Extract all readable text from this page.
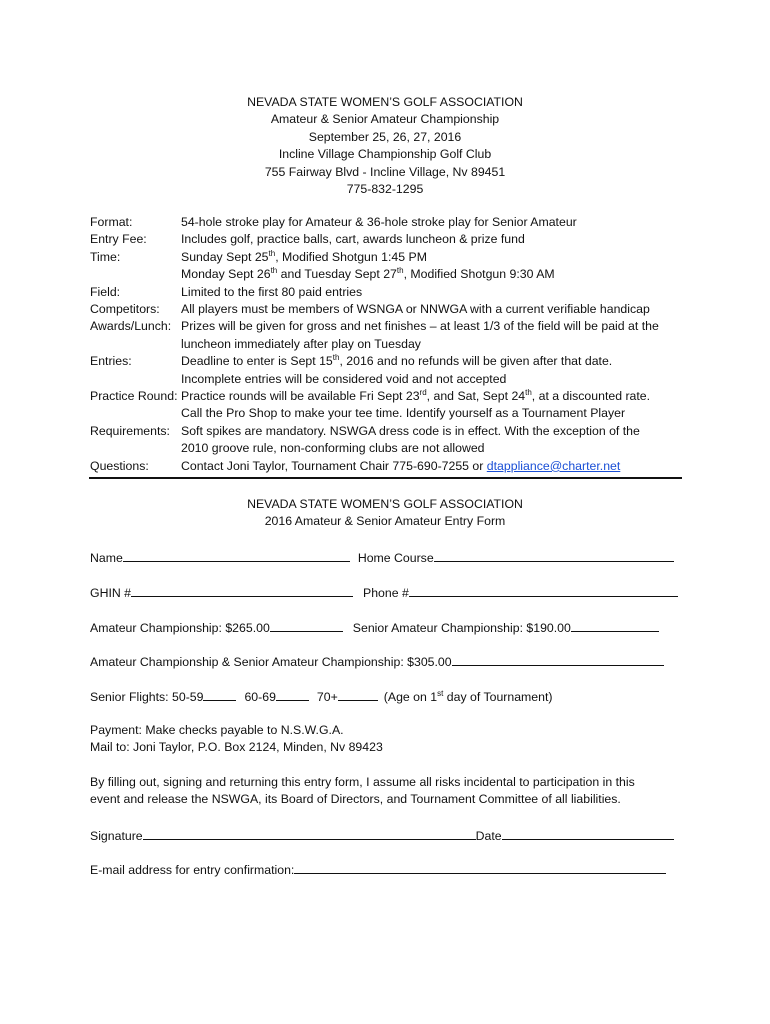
NEVADA STATE WOMEN’S GOLF ASSOCIATION
Amateur & Senior Amateur Championship
September 25, 26, 27, 2016
Incline Village Championship Golf Club
755 Fairway Blvd - Incline Village, Nv 89451
775-832-1295
Format:	54-hole stroke play for Amateur & 36-hole stroke play for Senior Amateur
Entry Fee:	Includes golf, practice balls, cart, awards luncheon & prize fund
Time:	Sunday Sept 25th, Modified Shotgun 1:45 PM
Monday Sept 26th and Tuesday Sept 27th, Modified Shotgun 9:30 AM
Field:	Limited to the first 80 paid entries
Competitors:	All players must be members of WSNGA or NNWGA with a current verifiable handicap
Awards/Lunch: Prizes will be given for gross and net finishes – at least 1/3 of the field will be paid at the
luncheon immediately after play on Tuesday
Entries:	Deadline to enter is Sept 15th, 2016 and no refunds will be given after that date.
Incomplete entries will be considered void and not accepted
Practice Round: Practice rounds will be available Fri Sept 23rd, and Sat, Sept 24th, at a discounted rate.
Call the Pro Shop to make your tee time. Identify yourself as a Tournament Player
Requirements: Soft spikes are mandatory. NSWGA dress code is in effect. With the exception of the
2010 groove rule, non-conforming clubs are not allowed
Questions:	Contact Joni Taylor, Tournament Chair 775-690-7255 or dtappliance@charter.net
NEVADA STATE WOMEN’S GOLF ASSOCIATION
2016 Amateur & Senior Amateur Entry Form
Name	Home Course
GHIN #	Phone #
Amateur Championship: $265.00	Senior Amateur Championship: $190.00
Amateur Championship & Senior Amateur Championship: $305.00
Senior Flights: 50-59	60-69	70+	(Age on 1st day of Tournament)
Payment: Make checks payable to N.S.W.G.A.
Mail to: Joni Taylor, P.O. Box 2124, Minden, Nv 89423
By filling out, signing and returning this entry form, I assume all risks incidental to participation in this
event and release the NSWGA, its Board of Directors, and Tournament Committee of all liabilities.
Signature	Date
E-mail address for entry confirmation:
